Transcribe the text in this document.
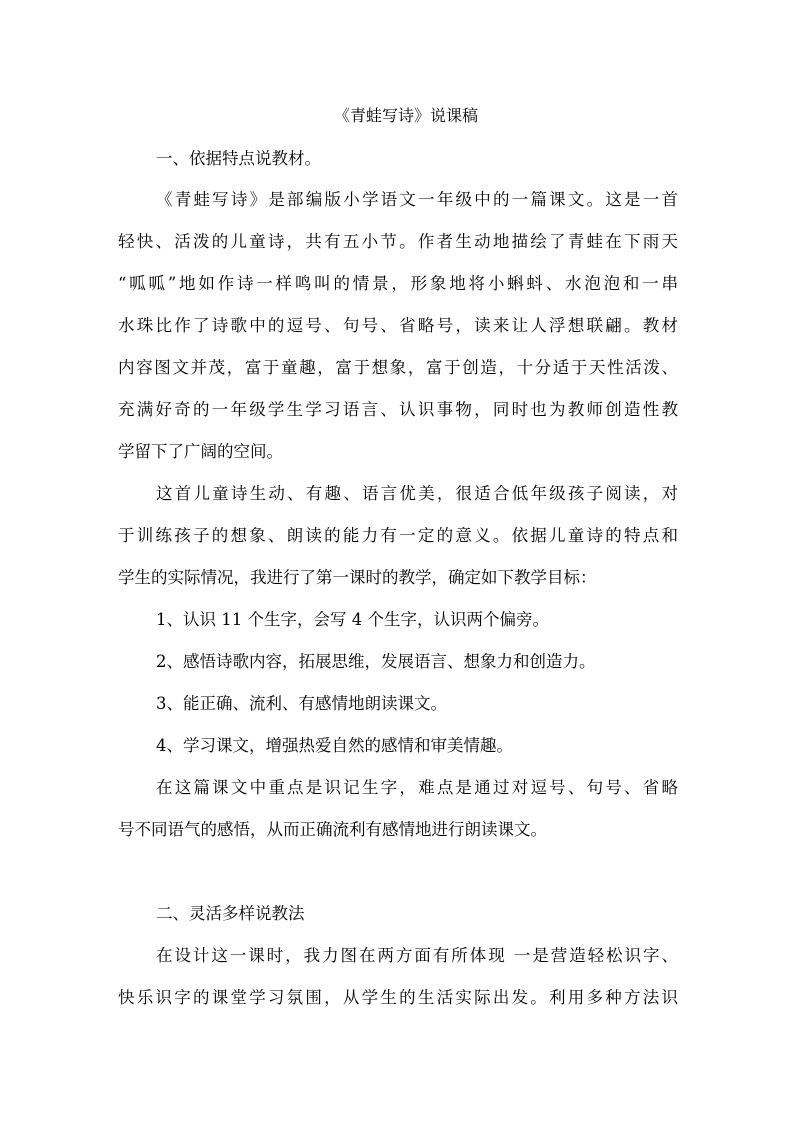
《青蛙写诗》说课稿
一、依据特点说教材。
《青蛙写诗》是部编版小学语文一年级中的一篇课文。这是一首
轻快、活泼的儿童诗，共有五小节。作者生动地描绘了青蛙在下雨天
“呱呱”地如作诗一样鸣叫的情景，形象地将小蝌蚪、水泡泡和一串
水珠比作了诗歌中的逗号、句号、省略号，读来让人浮想联翩。教材
内容图文并茂，富于童趣，富于想象，富于创造，十分适于天性活泼、
充满好奇的一年级学生学习语言、认识事物，同时也为教师创造性教
学留下了广阔的空间。
这首儿童诗生动、有趣、语言优美，很适合低年级孩子阅读，对
于训练孩子的想象、朗读的能力有一定的意义。依据儿童诗的特点和
学生的实际情况，我进行了第一课时的教学，确定如下教学目标：
1、认识 11 个生字，会写 4 个生字，认识两个偏旁。
2、感悟诗歌内容，拓展思维，发展语言、想象力和创造力。
3、能正确、流利、有感情地朗读课文。
4、学习课文，增强热爱自然的感情和审美情趣。
在这篇课文中重点是识记生字，难点是通过对逗号、句号、省略
号不同语气的感悟，从而正确流利有感情地进行朗读课文。
二、灵活多样说教法
在设计这一课时，我力图在两方面有所体现 一是营造轻松识字、
快乐识字的课堂学习氛围，从学生的生活实际出发。利用多种方法识
